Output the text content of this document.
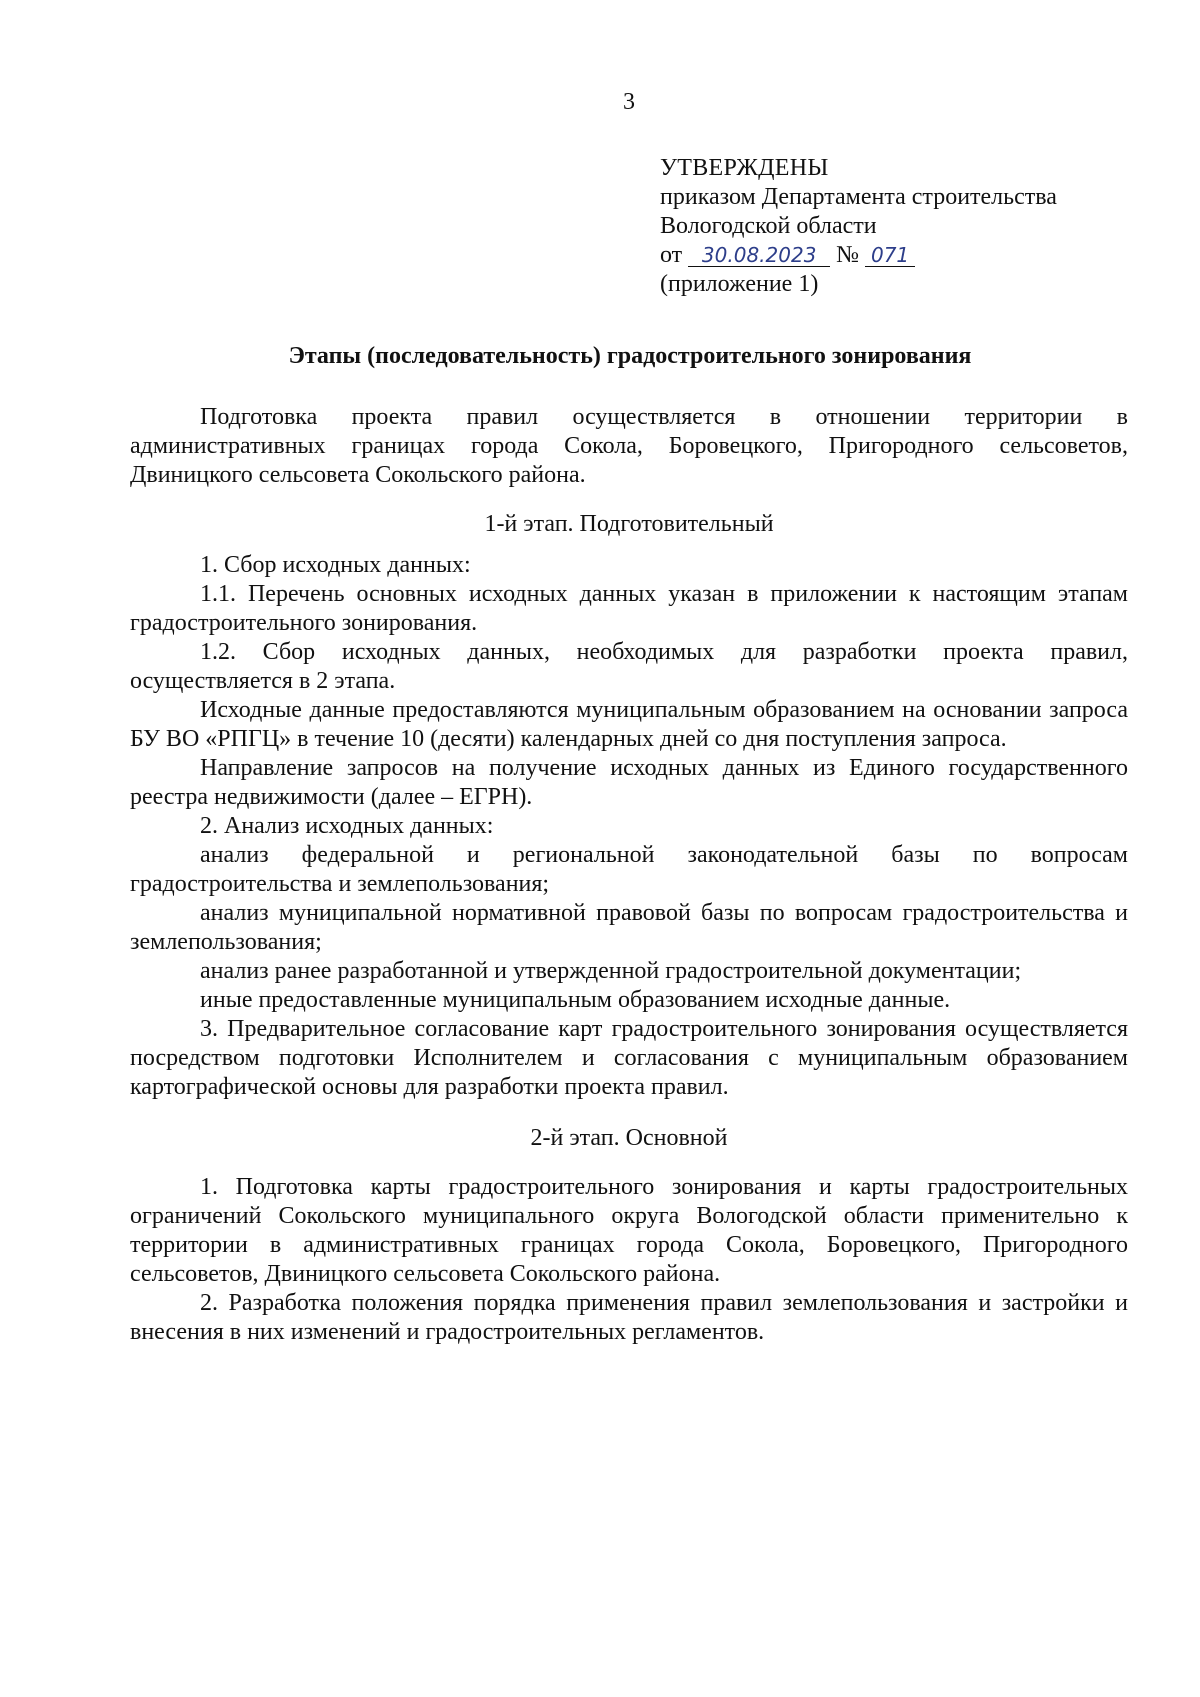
3
УТВЕРЖДЕНЫ
приказом Департамента строительства
Вологодской области
от 30.08.2023 № 071
(приложение 1)
Этапы (последовательность) градостроительного зонирования

Подготовка проекта правил осуществляется в отношении территории в административных границах города Сокола, Боровецкого, Пригородного сельсоветов, Двиницкого сельсовета Сокольского района.

1-й этап. Подготовительный

1. Сбор исходных данных:

1.1. Перечень основных исходных данных указан в приложении к настоящим этапам градостроительного зонирования.

1.2. Сбор исходных данных, необходимых для разработки проекта правил, осуществляется в 2 этапа.

Исходные данные предоставляются муниципальным образованием на основании запроса БУ ВО «РПГЦ» в течение 10 (десяти) календарных дней со дня поступления запроса.

Направление запросов на получение исходных данных из Единого государственного реестра недвижимости (далее – ЕГРН).

2. Анализ исходных данных:

анализ федеральной и региональной законодательной базы по вопросам градостроительства и землепользования;

анализ муниципальной нормативной правовой базы по вопросам градостроительства и землепользования;

анализ ранее разработанной и утвержденной градостроительной документации;

иные предоставленные муниципальным образованием исходные данные.

3. Предварительное согласование карт градостроительного зонирования осуществляется посредством подготовки Исполнителем и согласования с муниципальным образованием картографической основы для разработки проекта правил.

2-й этап. Основной

1. Подготовка карты градостроительного зонирования и карты градостроительных ограничений Сокольского муниципального округа Вологодской области применительно к территории в административных границах города Сокола, Боровецкого, Пригородного сельсоветов, Двиницкого сельсовета Сокольского района.

2. Разработка положения порядка применения правил землепользования и застройки и внесения в них изменений и градостроительных регламентов.
